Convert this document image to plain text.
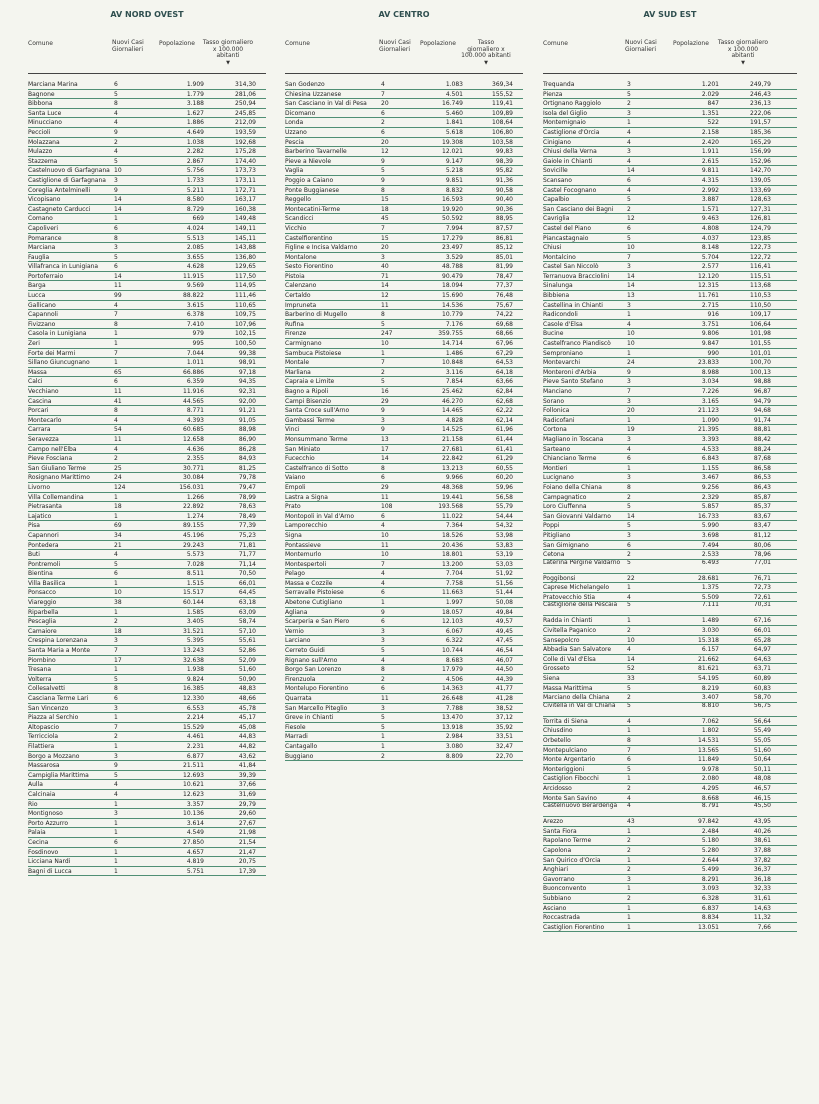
AV NORD OVEST
Comune	Nuovi Casi Giornalieri
Popolazione	Tasso giornaliero x 100.000 abitanti
▼
Marciana Marina	6	1.909	314,30
Bagnone	5	1.779	281,06
Bibbona	8	3.188	250,94
Santa Luce	4	1.627	245,85
Minucciano	4	1.886	212,09
Peccioli	9	4.649	193,59
Molazzana	2	1.038	192,68
Mulazzo	4	2.282	175,28
Stazzema	5	2.867	174,40
Castelnuovo di Garfagnana 10	5.756	173,73
Castiglione di Garfagnana	3	1.733	173,11
Coreglia Antelminelli	9	5.211	172,71
Vicopisano	14	8.580	163,17
Castagneto Carducci	14	8.729	160,38
Comano	1	669	149,48
Capoliveri	6	4.024	149,11
Pomarance	8	5.513	145,11
Marciana	3	2.085	143,88
Fauglia	5	3.655	136,80
Villafranca in Lunigiana	6	4.628	129,65
Portoferraio	14	11.915	117,50
Barga	11	9.569	114,95
Lucca	99	88.822	111,46
Gallicano	4	3.615	110,65
Capannoli	7	6.378	109,75
Fivizzano	8	7.410	107,96
Casola in Lunigiana	1	979	102,15
Zeri	1	995	100,50
Forte dei Marmi	7	7.044	99,38
Sillano Giuncugnano	1	1.011	98,91
Massa	65	66.886	97,18
Calci	6	6.359	94,35
Vecchiano	11	11.916	92,31
Cascina	41	44.565	92,00
Porcari	8	8.771	91,21
Montecarlo	4	4.393	91,05
Carrara	54	60.685	88,98
Seravezza	11	12.658	86,90
Campo nell'Elba	4	4.636	86,28
Pieve Fosciana	2	2.355	84,93
San Giuliano Terme	25	30.771	81,25
Rosignano Marittimo	24	30.084	79,78
Livorno	124	156.031	79,47
Villa Collemandina	1	1.266	78,99
Pietrasanta	18	22.892	78,63
Lajatico	1	1.274	78,49
Pisa	69	89.155	77,39
Capannori	34	45.196	75,23
Pontedera	21	29.243	71,81
Buti	4	5.573	71,77
Pontremoli	5	7.028	71,14
Bientina	6	8.511	70,50
Villa Basilica	1	1.515	66,01
Ponsacco	10	15.517	64,45
Viareggio	38	60.144	63,18
Riparbella	1	1.585	63,09
Pescaglia	2	3.405	58,74
Camaiore	18	31.521	57,10
Crespina Lorenzana	3	5.395	55,61
Santa Maria a Monte	7	13.243	52,86
Piombino	17	32.638	52,09
Tresana	1	1.938	51,60
Volterra	5	9.824	50,90
Collesalvetti	8	16.385	48,83
Casciana Terme Lari	6	12.330	48,66
San Vincenzo	3	6.553	45,78
Piazza al Serchio	1	2.214	45,17
Altopascio	7	15.529	45,08
Terricciola	2	4.461	44,83
Filattiera	1	2.231	44,82
Borgo a Mozzano	3	6.877	43,62
Massarosa	9	21.511	41,84
Campiglia Marittima	5	12.693	39,39
Aulla	4	10.621	37,66
Calcinaia	4	12.623	31,69
Rio	1	3.357	29,79
Montignoso	3	10.136	29,60
Porto Azzurro	1	3.614	27,67
Palaia	1	4.549	21,98
Cecina	6	27.850	21,54
Fosdinovo	1	4.657	21,47
Licciana Nardi	1	4.819	20,75
Bagni di Lucca	1	5.751	17,39
AV CENTRO
Comune	Nuovi Casi Giornalieri
Popolazione	Tasso giornaliero x 100.000 abitanti
▼
San Godenzo	4	1.083	369,34
Chiesina Uzzanese	7	4.501	155,52
San Casciano in Val di Pesa	20	16.749	119,41
Dicomano	6	5.460	109,89
Londa	2	1.841	108,64
Uzzano	6	5.618	106,80
Pescia	20	19.308	103,58
Barberino Tavarnelle	12	12.021	99,83
Pieve a Nievole	9	9.147	98,39
Vaglia	5	5.218	95,82
Poggio a Caiano	9	9.851	91,36
Ponte Buggianese	8	8.832	90,58
Reggello	15	16.593	90,40
Montecatini-Terme	18	19.920	90,36
Scandicci	45	50.592	88,95
Vicchio	7	7.994	87,57
Castelfiorentino	15	17.279	86,81
Figline e Incisa Valdarno	20	23.497	85,12
Montalone	3	3.529	85,01
Sesto Fiorentino	40	48.788	81,99
Pistoia	71	90.479	78,47
Calenzano	14	18.094	77,37
Certaldo	12	15.690	76,48
Impruneta	11	14.536	75,67
Barberino di Mugello	8	10.779	74,22
Rufina	5	7.176	69,68
Firenze	247	359.755	68,66
Carmignano	10	14.714	67,96
Sambuca Pistoiese	1	1.486	67,29
Montale	7	10.848	64,53
Marliana	2	3.116	64,18
Capraia e Limite	5	7.854	63,66
Bagno a Ripoli	16	25.462	62,84
Campi Bisenzio	29	46.270	62,68
Santa Croce sull'Arno	9	14.465	62,22
Gambassi Terme	3	4.828	62,14
Vinci	9	14.525	61,96
Monsummano Terme	13	21.158	61,44
San Miniato	17	27.681	61,41
Fucecchio	14	22.842	61,29
Castelfranco di Sotto	8	13.213	60,55
Vaiano	6	9.966	60,20
Empoli	29	48.368	59,96
Lastra a Signa	11	19.441	56,58
Prato	108	193.568	55,79
Montopoli in Val d'Arno	6	11.022	54,44
Lamporecchio	4	7.364	54,32
Signa	10	18.526	53,98
Pontassieve	11	20.436	53,83
Montemurlo	10	18.801	53,19
Montespertoli	7	13.200	53,03
Pelago	4	7.704	51,92
Massa e Cozzile	4	7.758	51,56
Serravalle Pistoiese	6	11.663	51,44
Abetone Cutigliano	1	1.997	50,08
Agliana	9	18.057	49,84
Scarperia e San Piero	6	12.103	49,57
Vernio	3	6.067	49,45
Larciano	3	6.322	47,45
Cerreto Guidi	5	10.744	46,54
Rignano sull'Arno	4	8.683	46,07
Borgo San Lorenzo	8	17.979	44,50
Firenzuola	2	4.506	44,39
Montelupo Fiorentino	6	14.363	41,77
Quarrata	11	26.648	41,28
San Marcello Piteglio	3	7.788	38,52
Greve in Chianti	5	13.470	37,12
Fiesole	5	13.918	35,92
Marradi	1	2.984	33,51
Cantagallo	1	3.080	32,47
Buggiano	2	8.809	22,70
AV SUD EST
Comune	Nuovi Casi Giornalieri
Popolazione	Tasso giornaliero x 100.000 abitanti
▼
Trequanda	3	1.201	249,79
Pienza	5	2.029	246,43
Ortignano Raggiolo	2	847	236,13
Isola del Giglio	3	1.351	222,06
Montemignaio	1	522	191,57
Castiglione d'Orcia	4	2.158	185,36
Cinigiano	4	2.420	165,29
Chiusi della Verna	3	1.911	156,99
Gaiole in Chianti	4	2.615	152,96
Sovicille	14	9.811	142,70
Scansano	6	4.315	139,05
Castel Focognano	4	2.992	133,69
Capalbio	5	3.887	128,63
San Casciano dei Bagni	2	1.571	127,31
Cavriglia	12	9.463	126,81
Castel del Piano	6	4.808	124,79
Piancastagnaio	5	4.037	123,85
Chiusi	10	8.148	122,73
Montalcino	7	5.704	122,72
Castel San Niccolò	3	2.577	116,41
Terranuova Bracciolini	14	12.120	115,51
Sinalunga	14	12.315	113,68
Bibbiena	13	11.761	110,53
Castellina in Chianti	3	2.715	110,50
Radicondoli	1	916	109,17
Casole d'Elsa	4	3.751	106,64
Bucine	10	9.806	101,98
Castelfranco Piandiscò	10	9.847	101,55
Semproniano	1	990	101,01
Montevarchi	24	23.833	100,70
Monteroni d'Arbia	9	8.988	100,13
Pieve Santo Stefano	3	3.034	98,88
Manciano	7	7.226	96,87
Sorano	3	3.165	94,79
Follonica	20	21.123	94,68
Radicofani	1	1.090	91,74
Cortona	19	21.395	88,81
Magliano in Toscana	3	3.393	88,42
Sarteano	4	4.533	88,24
Chianciano Terme	6	6.843	87,68
Montieri	1	1.155	86,58
Lucignano	3	3.467	86,53
Foiano della Chiana	8	9.256	86,43
Campagnatico	2	2.329	85,87
Loro Ciuffenna	5	5.857	85,37
San Giovanni Valdarno	14	16.733	83,67
Poppi	5	5.990	83,47
Pitigliano	3	3.698	81,12
San Gimignano	6	7.494	80,06
Cetona	2	2.533	78,96
Laterina Pergine Valdarno	5	6.493	77,01
Poggibonsi	22	28.681	76,71
Caprese Michelangelo	1	1.375	72,73
Pratovecchio Stia	4	5.509	72,61
Castiglione della Pescaia	5	7.111	70,31
Radda in Chianti	1	1.489	67,16
Civitella Paganico	2	3.030	66,01
Sansepolcro	10	15.318	65,28
Abbadia San Salvatore	4	6.157	64,97
Colle di Val d'Elsa	14	21.662	64,63
Grosseto	52	81.621	63,71
Siena	33	54.195	60,89
Massa Marittima	5	8.219	60,83
Marciano della Chiana	2	3.407	58,70
Civitella in Val di Chiana	5	8.810	56,75
Torrita di Siena	4	7.062	56,64
Chiusdino	1	1.802	55,49
Orbetello	8	14.531	55,05
Montepulciano	7	13.565	51,60
Monte Argentario	6	11.849	50,64
Monteriggioni	5	9.978	50,11
Castiglion Fibocchi	1	2.080	48,08
Arcidosso	2	4.295	46,57
Monte San Savino	4	8.668	46,15
Castelnuovo Berardenga	4	8.791	45,50
Arezzo	43	97.842	43,95
Santa Fiora	1	2.484	40,26
Rapolano Terme	2	5.180	38,61
Capolona	2	5.280	37,88
San Quirico d'Orcia	1	2.644	37,82
Anghiari	2	5.499	36,37
Gavorrano	3	8.291	36,18
Buonconvento	1	3.093	32,33
Subbiano	2	6.328	31,61
Asciano	1	6.837	14,63
Roccastrada	1	8.834	11,32
Castiglion Fiorentino	1	13.051	7,66
